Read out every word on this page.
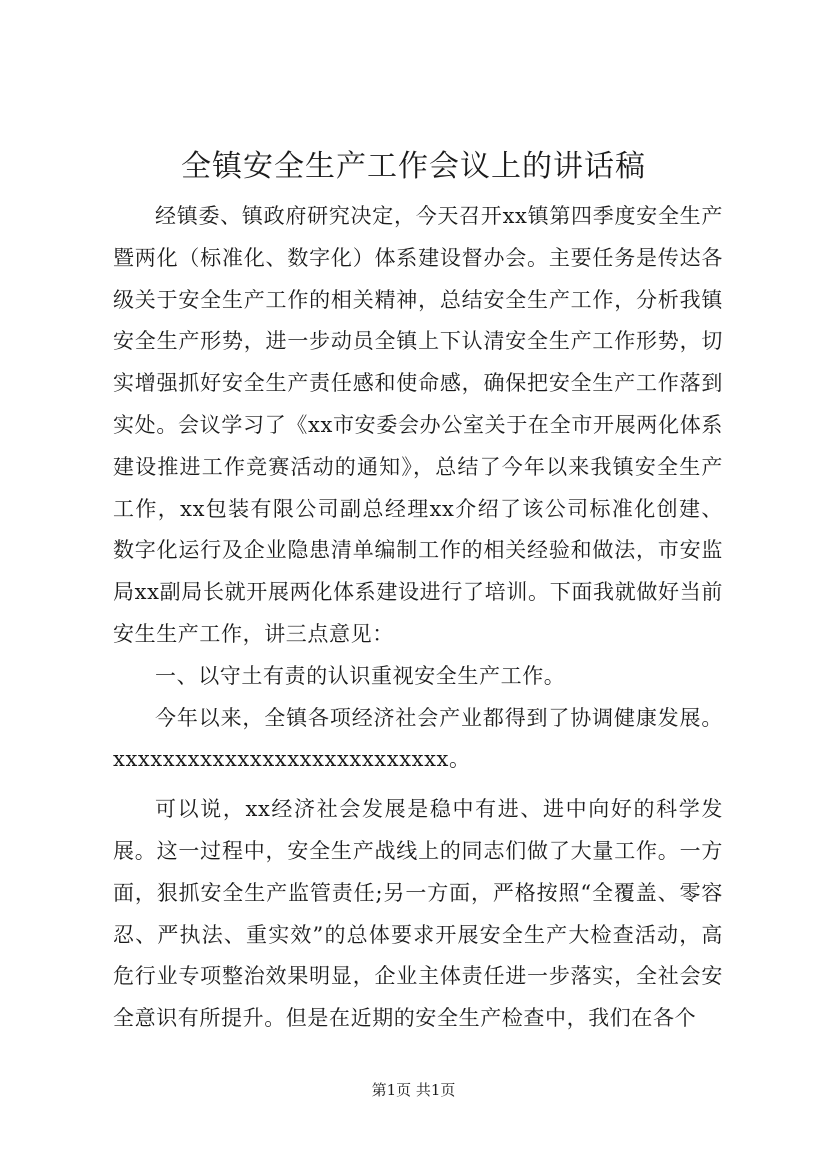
全镇安全生产工作会议上的讲话稿

经镇委、镇政府研究决定，今天召开xx镇第四季度安全生产暨两化（标准化、数字化）体系建设督办会。主要任务是传达各级关于安全生产工作的相关精神，总结安全生产工作，分析我镇安全生产形势，进一步动员全镇上下认清安全生产工作形势，切实增强抓好安全生产责任感和使命感，确保把安全生产工作落到实处。会议学习了《xx市安委会办公室关于在全市开展两化体系建设推进工作竞赛活动的通知》，总结了今年以来我镇安全生产工作，xx包装有限公司副总经理xx介绍了该公司标准化创建、数字化运行及企业隐患清单编制工作的相关经验和做法，市安监局xx副局长就开展两化体系建设进行了培训。下面我就做好当前安生生产工作，讲三点意见：

一、以守土有责的认识重视安全生产工作。

今年以来，全镇各项经济社会产业都得到了协调健康发展。xxxxxxxxxxxxxxxxxxxxxxxxxxx。

可以说，xx经济社会发展是稳中有进、进中向好的科学发展。这一过程中，安全生产战线上的同志们做了大量工作。一方面，狠抓安全生产监管责任;另一方面，严格按照“全覆盖、零容忍、严执法、重实效”的总体要求开展安全生产大检查活动，高危行业专项整治效果明显，企业主体责任进一步落实，全社会安全意识有所提升。但是在近期的安全生产检查中，我们在各个

第1页 共1页
